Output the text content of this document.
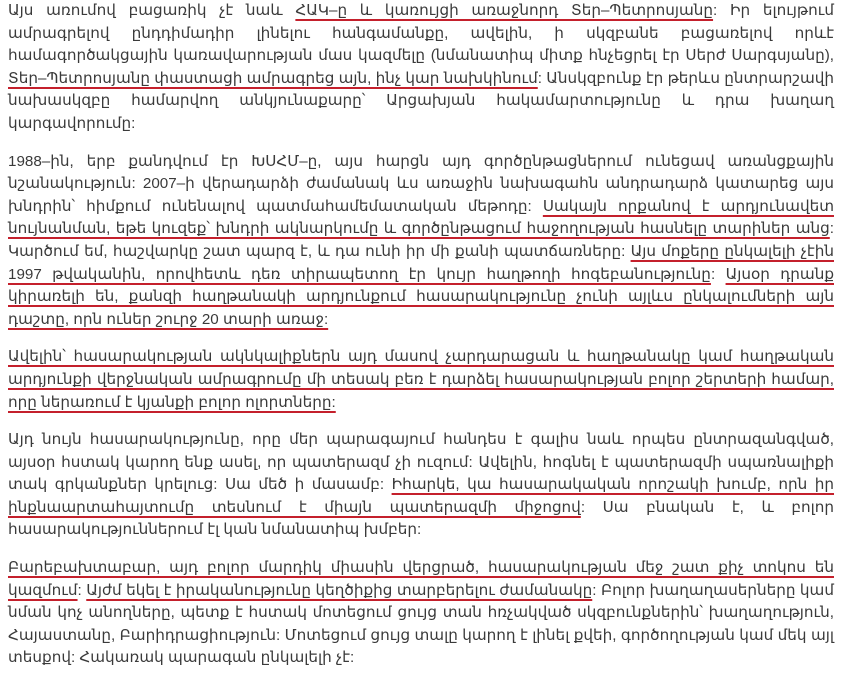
Այս առումով բացառիկ չէ նաև ՀԱԿ–ը և կառույցի առաջնորդ Տեր–Պետրոսյանը: Իր ելույթում ամրագրելով ընդդիմադիր լինելու հանգամանքը, ավելին, ի սկզբանե բացառելով որևէ համագործակցային կառավարության մաս կազմելը (նմանատիպ միտք հնչեցրել էր Սերժ Սարգսյանը), Տեր–Պետրոսյանը փաստացի ամրագրեց այն, ինչ կար նախկինում: Անսկզբունք էր թերևս ընտրարշավի նախասկզբը համարվող անկյունաքարը՝ Արցախյան հակամարտությունը և դրա խաղաղ կարգավորումը:

1988–ին, երբ քանդվում էր ԽՍՀՄ–ը, այս հարցն այդ գործընթացներում ունեցավ առանցքային նշանակություն: 2007–ի վերադարձի ժամանակ ևս առաջին նախագահն անդրադարձ կատարեց այս խնդրին՝ հիմքում ունենալով պատմահամեմատական մեթոդը: Սակայն որքանով է արդյունավետ նույնանման, եթե կուզեք՝ խնդրի ակնարկումը և գործընթացում հաջողության հասնելը տարիներ անց: Կարծում եմ, հաշվարկը շատ պարզ է, և դա ունի իր մի քանի պատճառները: Այս մոքերը ընկալելի չէին 1997 թվականին, որովհետև դեռ տիրապետող էր կույր հաղթողի հոգեբանությունը: Այսօր դրանք կիրառելի են, քանզի հաղթանակի արդյունքում հասարակությունը չունի այլևս ընկալումների այն դաշտը, որն ուներ շուրջ 20 տարի առաջ:

Ավելին՝ հասարակության ակնկալիքներն այդ մասով չարդարացան և հաղթանակը կամ հաղթական արդյունքի վերջնական ամրագրումը մի տեսակ բեռ է դարձել հասարակության բոլոր շերտերի համար, որը ներառում է կյանքի բոլոր ոլորտները:

Այդ նույն հասարակությունը, որը մեր պարագայում հանդես է գալիս նաև որպես ընտրազանգված, այսօր հստակ կարող ենք ասել, որ պատերազմ չի ուզում: Ավելին, հոգնել է պատերազմի սպառնալիքի տակ գրկանքներ կրելուց: Սա մեծ ի մասամբ: Իհարկե, կա հասարակական որոշակի խումբ, որն իր ինքնաարտահայտումը տեսնում է միայն պատերազմի միջոցով: Սա բնական է, և բոլոր հասարակություններում էլ կան նմանատիպ խմբեր:

Բարեբախտաբար, այդ բոլոր մարդիկ միասին վերցրած, հասարակության մեջ շատ քիչ տոկոս են կազմում: Այժմ եկել է իրականությունը կեղծիքից տարբերելու ժամանակը: Բոլոր խաղաղասերները կամ նման կոչ անողները, պետք է հստակ մոտեցում ցույց տան հռչակված սկզբունքներին՝ խաղաղություն, Հայաստանը, Բարիդրացիություն: Մոտեցում ցույց տալը կարող է լինել քվեի, գործողության կամ մեկ այլ տեսքով: Հակառակ պարագան ընկալելի չէ:
